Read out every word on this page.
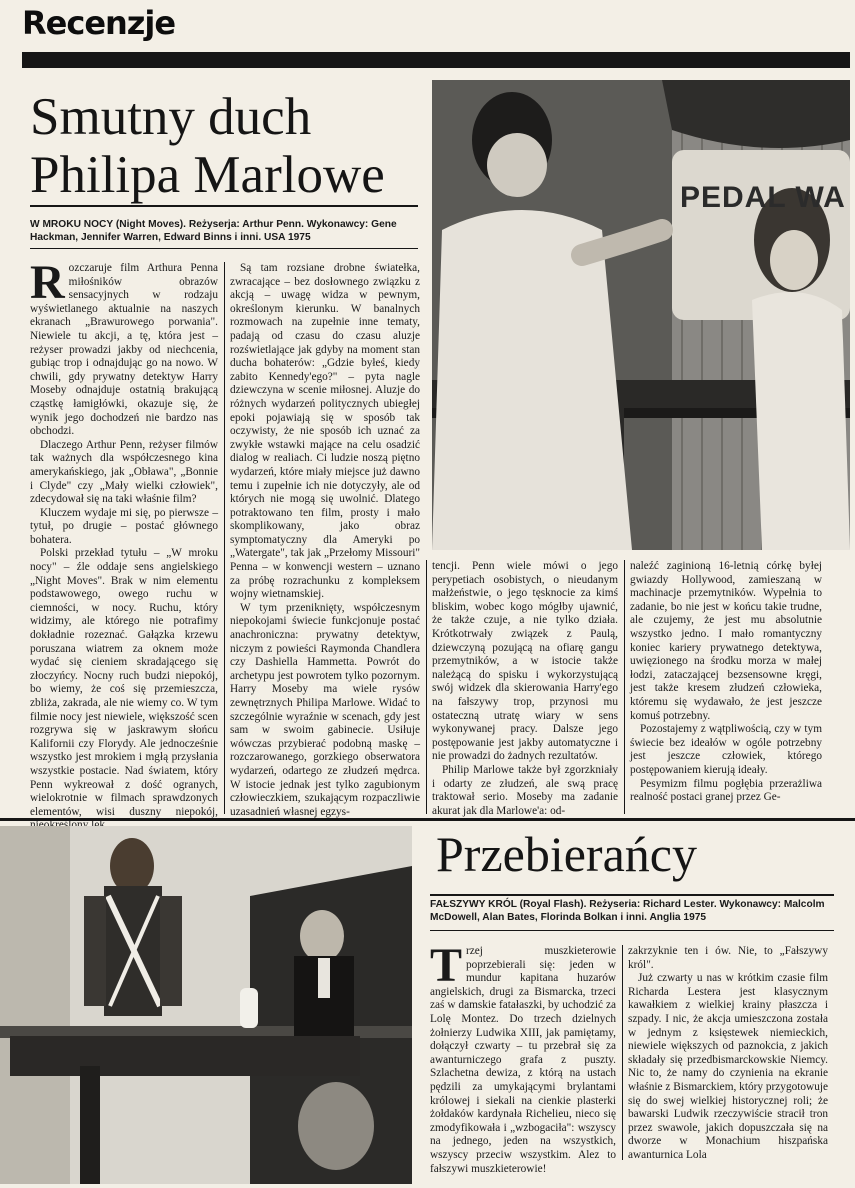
Recenzje
Smutny duch
Philipa Marlowe
W MROKU NOCY (Night Moves). Reżyserja: Arthur Penn. Wykonawcy: Gene Hackman, Jennifer Warren, Edward Binns i inni. USA 1975
PEDAL WA

Rozczaruje film Arthura Penna miłośników obrazów sensacyjnych w rodzaju wyświetlanego aktualnie na naszych ekranach „Brawurowego porwania". Niewiele tu akcji, a tę, która jest – reżyser prowadzi jakby od niechcenia, gubiąc trop i odnajdując go na nowo. W chwili, gdy prywatny detektyw Harry Moseby odnajduje ostatnią brakującą cząstkę łamigłówki, okazuje się, że wynik jego dochodzeń nie bardzo nas obchodzi.

Dlaczego Arthur Penn, reżyser filmów tak ważnych dla współczesnego kina amerykańskiego, jak „Obława", „Bonnie i Clyde" czy „Mały wielki człowiek", zdecydował się na taki właśnie film?

Kluczem wydaje mi się, po pierwsze – tytuł, po drugie – postać głównego bohatera.

Polski przekład tytułu – „W mroku nocy" – źle oddaje sens angielskiego „Night Moves". Brak w nim elementu podstawowego, owego ruchu w ciemności, w nocy. Ruchu, który widzimy, ale którego nie potrafimy dokładnie rozeznać. Gałązka krzewu poruszana wiatrem za oknem może wydać się cieniem skradającego się złoczyńcy. Nocny ruch budzi niepokój, bo wiemy, że coś się przemieszcza, zbliża, zakrada, ale nie wiemy co. W tym filmie nocy jest niewiele, większość scen rozgrywa się w jaskrawym słońcu Kalifornii czy Florydy. Ale jednocześnie wszystko jest mrokiem i mgłą przysłania wszystkie postacie. Nad światem, który Penn wykreował z dość ogranych, wielokrotnie w filmach sprawdzonych elementów, wisi duszny niepokój,

Są tam rozsiane drobne światełka, zwracające – bez dosłownego związku z akcją – uwagę widza w pewnym, określonym kierunku. W banalnych rozmowach na zupełnie inne tematy, padają od czasu do czasu aluzje rozświetlające jak gdyby na moment stan ducha bohaterów: „Gdzie byłeś, kiedy zabito Kennedy'ego?" – pyta nagle dziewczyna w scenie miłosnej. Aluzje do różnych wydarzeń politycznych ubiegłej epoki pojawiają się w sposób tak oczywisty, że nie sposób ich uznać za zwykłe wstawki mające na celu osadzić dialog w realiach. Ci ludzie noszą piętno wydarzeń, które miały miejsce już dawno temu i zupełnie ich nie dotyczyły, ale od których nie mogą się uwolnić. Dlatego potraktowano ten film, prosty i mało skomplikowany, jako obraz symptomatyczny dla Ameryki po „Watergate", tak jak „Przełomy Missouri" Penna – w konwencji western – uznano za próbę rozrachunku z kompleksem wojny wietnamskiej.

W tym przeniknięty, współczesnym niepokojami świecie funkcjonuje postać anachroniczna: prywatny detektyw, niczym z powieści Raymonda Chandlera czy Dashiella Hammetta. Powrót do archetypu jest powrotem tylko pozornym. Harry Moseby ma wiele rysów zewnętrznych Philipa Marlowe. Widać to szczególnie wyraźnie w scenach, gdy jest sam w swoim gabinecie. Usiłuje wówczas przybierać podobną maskę – rozczarowanego, gorzkiego obserwatora wydarzeń, odartego ze złudzeń mędrca. W istocie jednak jest tylko zagubionym człowieczkiem, szukającym rozpaczliwie uzasadnień własnej egzys-

tencji. Penn wiele mówi o jego perypetiach osobistych, o nieudanym małżeństwie, o jego tęsknocie za kimś bliskim, wobec kogo mógłby ujawnić, że także czuje, a nie tylko działa. Krótkotrwały związek z Paulą, dziewczyną pozującą na ofiarę gangu przemytników, a w istocie także należącą do spisku i wykorzystującą swój widzek dla skierowania Harry'ego na fałszywy trop, przynosi mu ostateczną utratę wiary w sens wykonywanej pracy. Dalsze jego postępowanie jest jakby automatyczne i nie prowadzi do żadnych rezultatów.

Philip Marlowe także był zgorzkniały i odarty ze złudzeń, ale swą pracę traktował serio. Moseby ma zadanie akurat jak dla Marlowe'a: od-

naleźć zaginioną 16-letnią córkę byłej gwiazdy Hollywood, zamieszaną w machinacje przemytników. Wypełnia to zadanie, bo nie jest w końcu takie trudne, ale czujemy, że jest mu absolutnie wszystko jedno. I mało romantyczny koniec kariery prywatnego detektywa, uwięzionego na środku morza w małej łodzi, zataczającej bezsensowne kręgi, jest także kresem złudzeń człowieka, któremu się wydawało, że jest jeszcze komuś potrzebny.

Pozostajemy z wątpliwością, czy w tym świecie bez ideałów w ogóle potrzebny jest jeszcze człowiek, którego postępowaniem kierują ideały.

Pesymizm filmu pogłębia przerażliwa realność postaci granej przez Ge-

Przebierańcy
FAŁSZYWY KRÓL (Royal Flash). Reżyseria: Richard Lester. Wykonawcy: Malcolm McDowell, Alan Bates, Florinda Bolkan i inni. Anglia 1975

Trzej muszkieterowie poprzebierali się: jeden w mundur kapitana huzarów angielskich, drugi za Bismarcka, trzeci zaś w damskie fatałaszki, by uchodzić za Lolę Montez. Do trzech dzielnych żołnierzy Ludwika XIII, jak pamiętamy, dołączył czwarty – tu przebrał się za awanturniczego grafa z puszty. Szlachetna dewiza, z którą na ustach pędzili za umykającymi brylantami królowej i siekali na cienkie plasterki żołdaków kardynała Richelieu, nieco się zmodyfikowała i „wzbogaciła": wszyscy na jednego, jeden na wszystkich, wszyscy przeciw wszystkim. Alez to fałszywi muszkieterowie!

zakrzyknie ten i ów. Nie, to „Fałszywy król".

Już czwarty u nas w krótkim czasie film Richarda Lestera jest klasycznym kawałkiem z wielkiej krainy płaszcza i szpady. I nic, że akcja umieszczona została w jednym z księstewek niemieckich, niewiele większych od paznokcia, z jakich składały się przedbismarckowskie Niemcy. Nic to, że namy do czynienia na ekranie właśnie z Bismarckiem, który przygotowuje się do swej wielkiej historycznej roli; że bawarski Ludwik rzeczywiście stracił tron przez swawole, jakich dopuszczała się na dworze w Monachium hiszpańska awanturnica Lola
